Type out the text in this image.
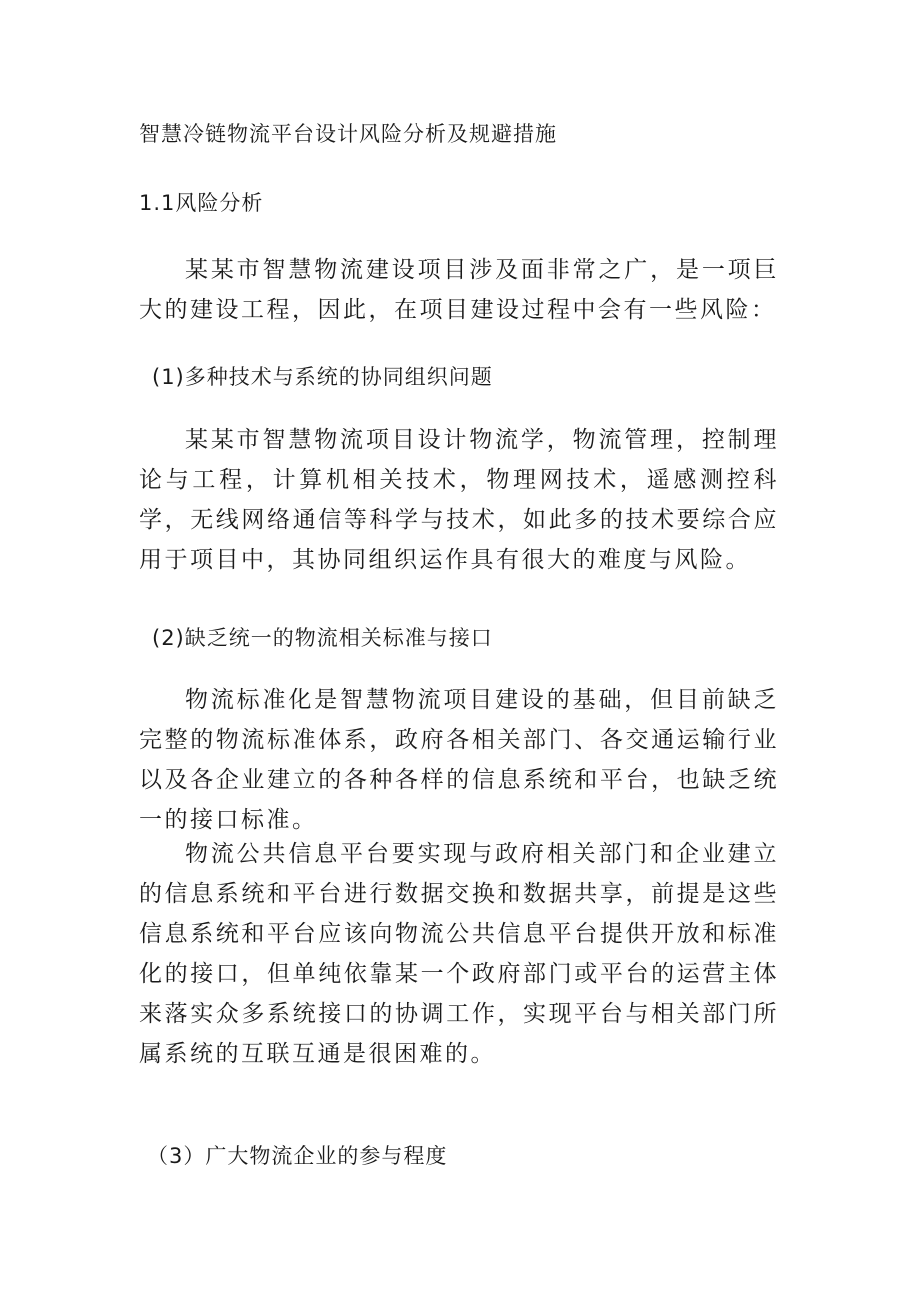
智慧冷链物流平台设计风险分析及规避措施
1.1风险分析
某某市智慧物流建设项目涉及面非常之广，是一项巨大的建设工程，因此，在项目建设过程中会有一些风险：
(1)多种技术与系统的协同组织问题
某某市智慧物流项目设计物流学，物流管理，控制理论与工程，计算机相关技术，物理网技术，遥感测控科学，无线网络通信等科学与技术，如此多的技术要综合应用于项目中，其协同组织运作具有很大的难度与风险。
(2)缺乏统一的物流相关标准与接口
物流标准化是智慧物流项目建设的基础，但目前缺乏完整的物流标准体系，政府各相关部门、各交通运输行业以及各企业建立的各种各样的信息系统和平台，也缺乏统一的接口标准。
物流公共信息平台要实现与政府相关部门和企业建立的信息系统和平台进行数据交换和数据共享，前提是这些信息系统和平台应该向物流公共信息平台提供开放和标准化的接口，但单纯依靠某一个政府部门或平台的运营主体来落实众多系统接口的协调工作，实现平台与相关部门所属系统的互联互通是很困难的。
（3）广大物流企业的参与程度
